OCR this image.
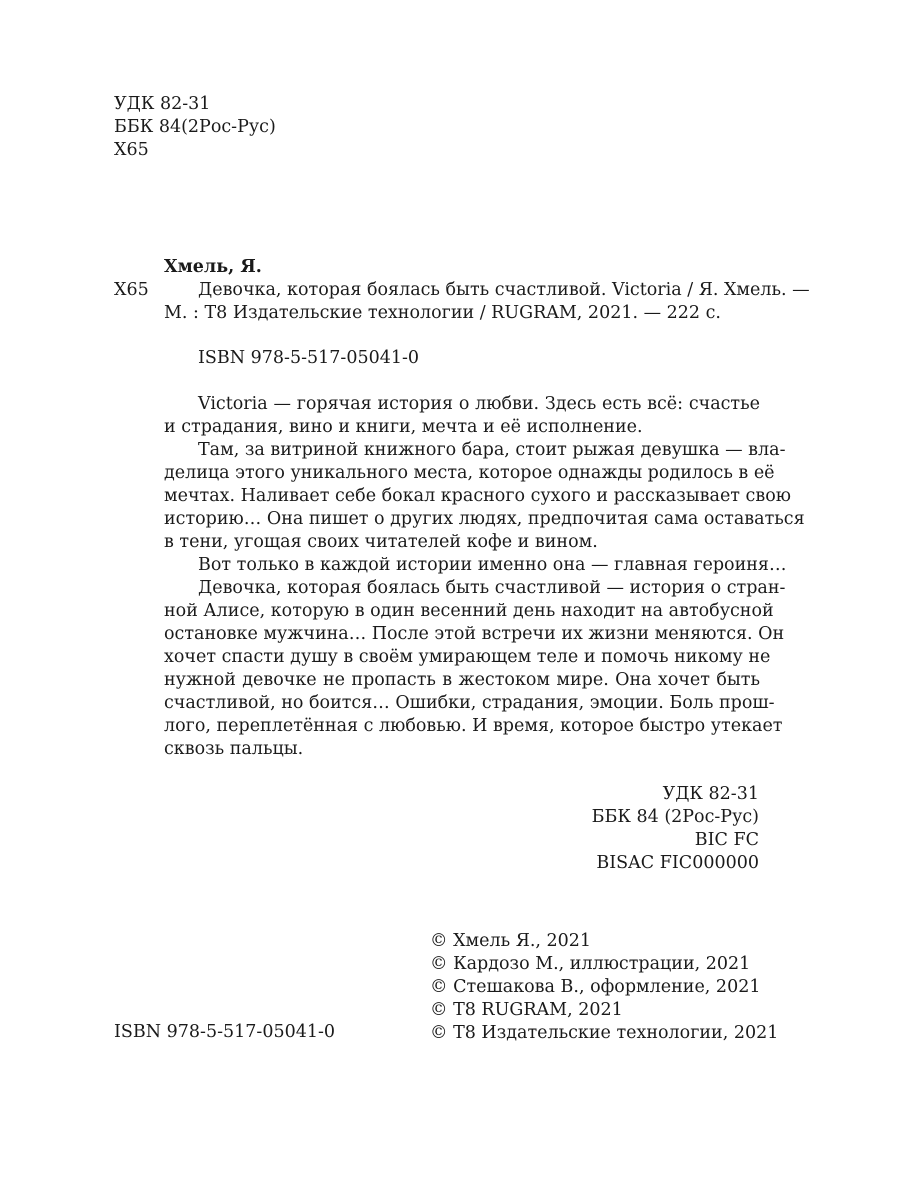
УДК 82-31
ББК 84(2Рос-Рус)
Х65
Хмель, Я.
Х65	Девочка, которая боялась быть счастливой. Victoria / Я. Хмель. —
М. : Т8 Издательские технологии / RUGRAM, 2021. — 222 с.
ISBN 978-5-517-05041-0
Victoria — горячая история о любви. Здесь есть всё: счастье
и страдания, вино и книги, мечта и её исполнение.
Там, за витриной книжного бара, стоит рыжая девушка — вла-
делица этого уникального места, которое однажды родилось в её
мечтах. Наливает себе бокал красного сухого и рассказывает свою
историю… Она пишет о других людях, предпочитая сама оставаться
в тени, угощая своих читателей кофе и вином.
Вот только в каждой истории именно она — главная героиня…
Девочка, которая боялась быть счастливой — история о стран-
ной Алисе, которую в один весенний день находит на автобусной
остановке мужчина… После этой встречи их жизни меняются. Он
хочет спасти душу в своём умирающем теле и помочь никому не
нужной девочке не пропасть в жестоком мире. Она хочет быть
счастливой, но боится… Ошибки, страдания, эмоции. Боль прош-
лого, переплетённая с любовью. И время, которое быстро утекает
сквозь пальцы.
УДК 82-31
ББК 84 (2Рос-Рус)
BIC FC
BISAC FIC000000
ISBN 978-5-517-05041-0
© Хмель Я., 2021
© Кардозо М., иллюстрации, 2021
© Стешакова В., оформление, 2021
© Т8 RUGRAM, 2021
© Т8 Издательские технологии, 2021
